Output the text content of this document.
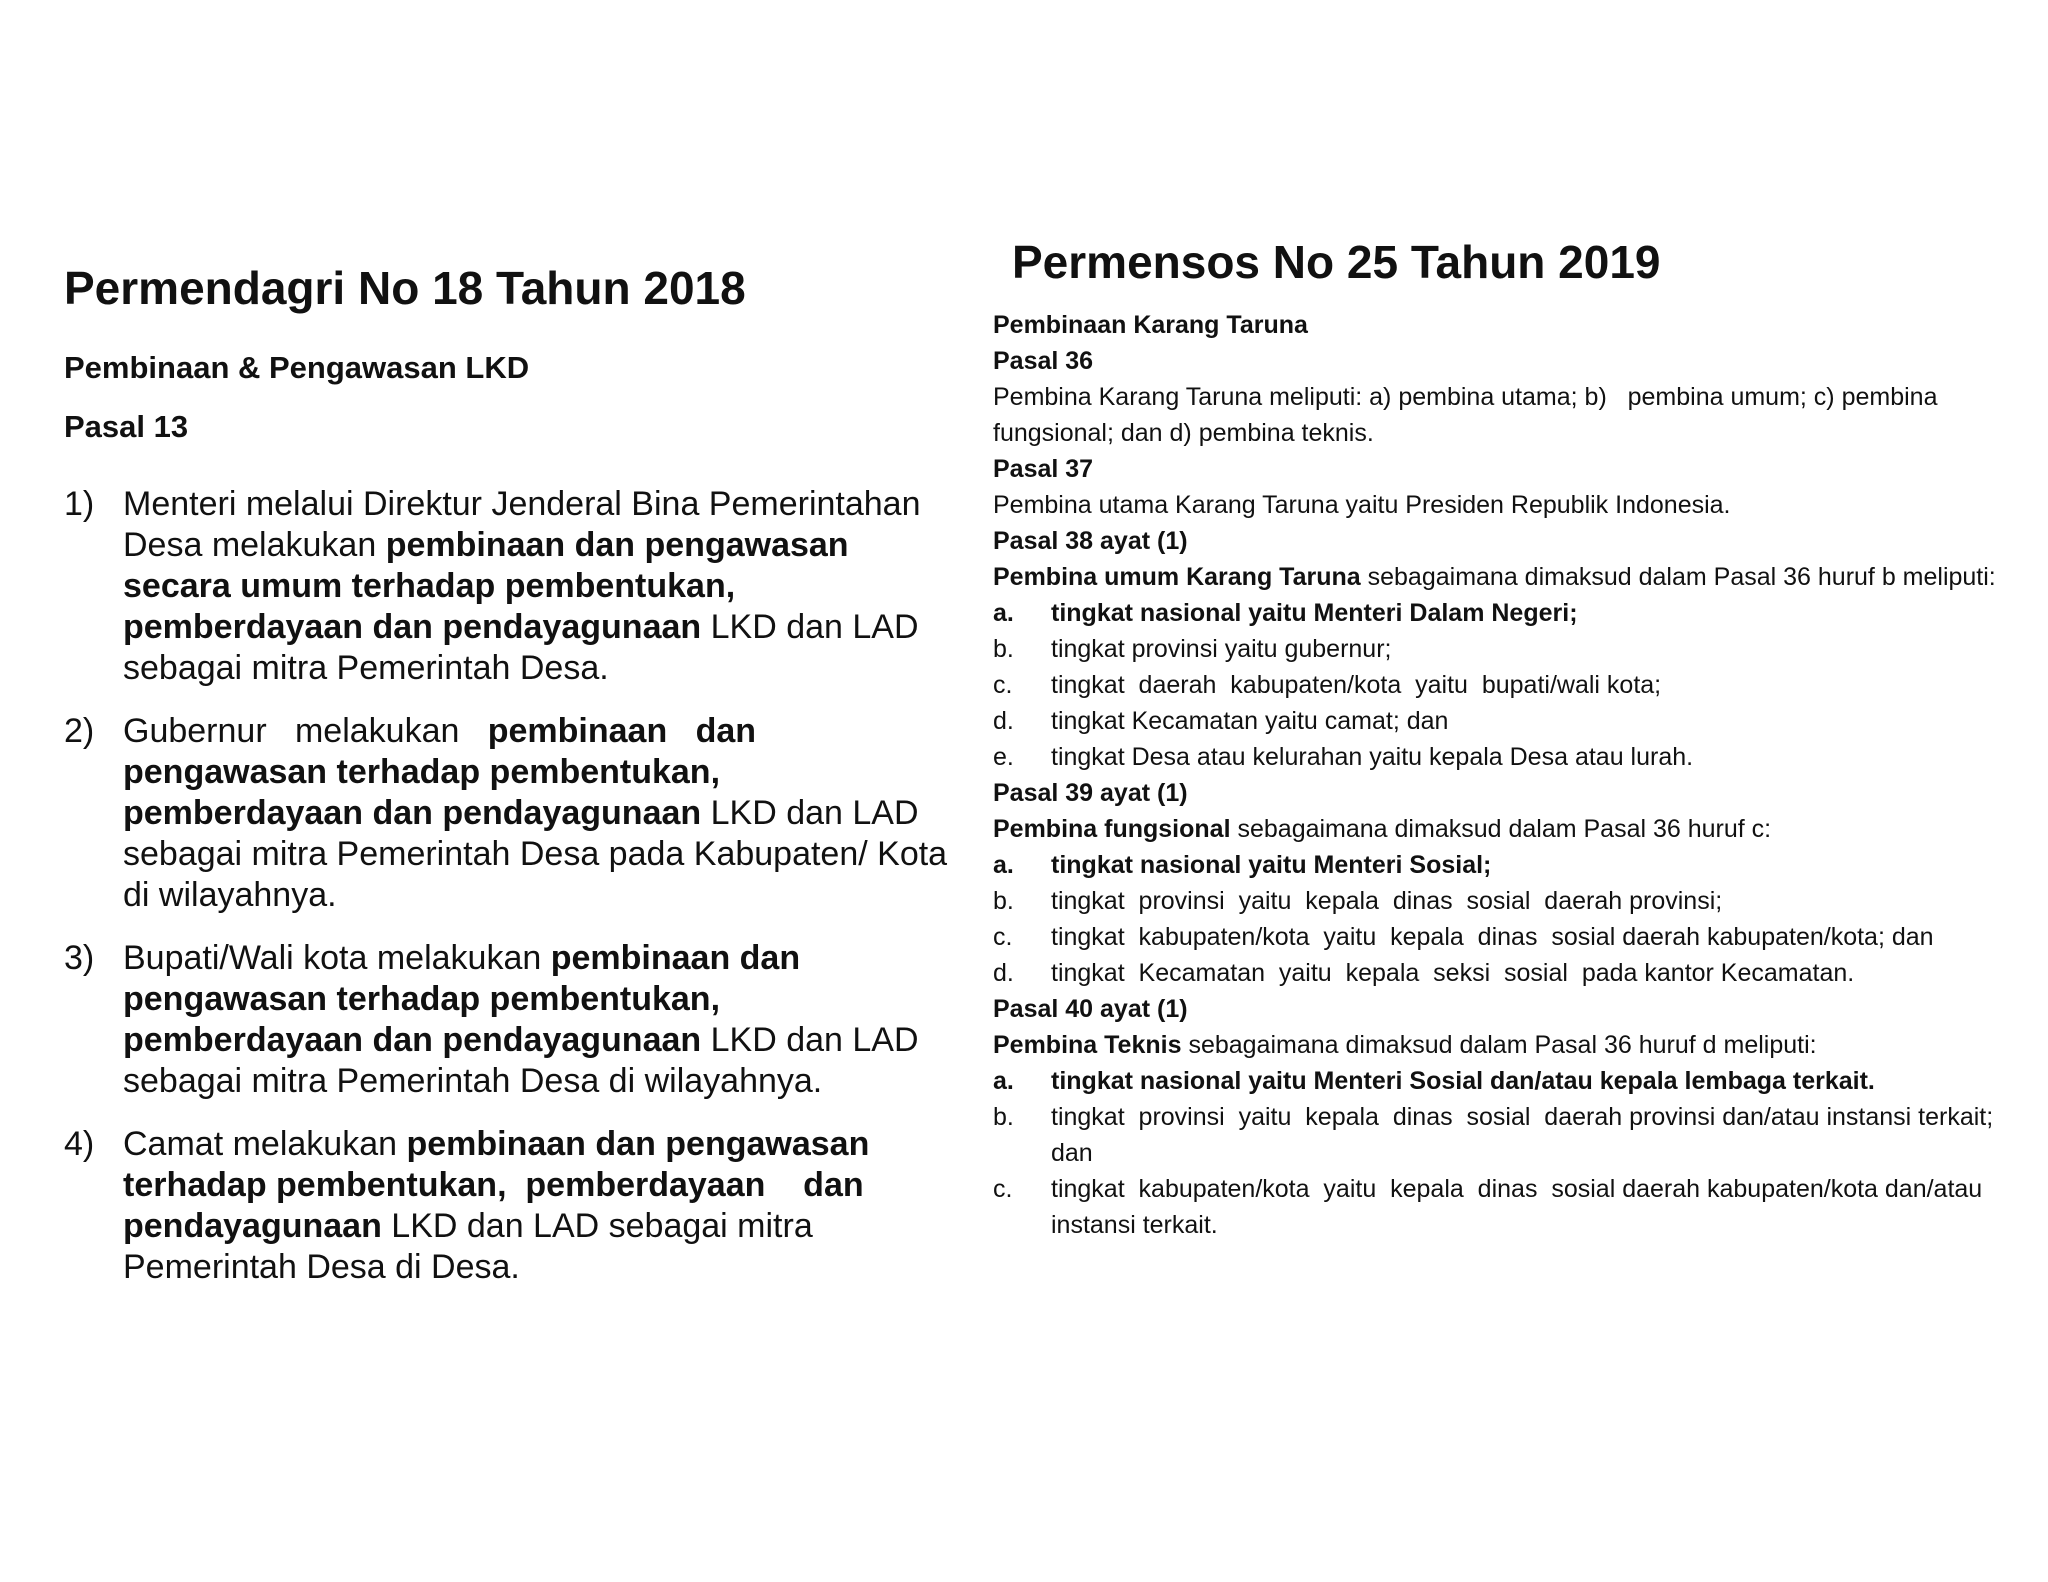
Permendagri No 18 Tahun 2018
Pembinaan & Pengawasan LKD
Pasal 13
1) Menteri melalui Direktur Jenderal Bina Pemerintahan Desa melakukan pembinaan dan pengawasan secara umum terhadap pembentukan, pemberdayaan dan pendayagunaan LKD dan LAD sebagai mitra Pemerintah Desa.
2) Gubernur   melakukan   pembinaan   dan pengawasan terhadap pembentukan, pemberdayaan dan pendayagunaan LKD dan LAD sebagai mitra Pemerintah Desa pada Kabupaten/ Kota di wilayahnya.
3) Bupati/Wali kota melakukan pembinaan dan pengawasan terhadap pembentukan, pemberdayaan dan pendayagunaan LKD dan LAD sebagai mitra Pemerintah Desa di wilayahnya.
4) Camat melakukan pembinaan dan pengawasan terhadap pembentukan,  pemberdayaan    dan pendayagunaan LKD dan LAD sebagai mitra Pemerintah Desa di Desa.
Permensos No 25 Tahun 2019
Pembinaan Karang Taruna
Pasal 36
Pembina Karang Taruna meliputi: a) pembina utama; b)   pembina umum; c) pembina fungsional; dan d) pembina teknis.
Pasal 37
Pembina utama Karang Taruna yaitu Presiden Republik Indonesia.
Pasal 38 ayat (1)
Pembina umum Karang Taruna sebagaimana dimaksud dalam Pasal 36 huruf b meliputi:
a. tingkat nasional yaitu Menteri Dalam Negeri;
b. tingkat provinsi yaitu gubernur;
c. tingkat  daerah  kabupaten/kota  yaitu  bupati/wali kota;
d. tingkat Kecamatan yaitu camat; dan
e. tingkat Desa atau kelurahan yaitu kepala Desa atau lurah.
Pasal 39 ayat (1)
Pembina fungsional sebagaimana dimaksud dalam Pasal 36 huruf c:
a. tingkat nasional yaitu Menteri Sosial;
b. tingkat  provinsi  yaitu  kepala  dinas  sosial  daerah provinsi;
c. tingkat  kabupaten/kota  yaitu  kepala  dinas  sosial daerah kabupaten/kota; dan
d. tingkat  Kecamatan  yaitu  kepala  seksi  sosial  pada kantor Kecamatan.
Pasal 40 ayat (1)
Pembina Teknis sebagaimana dimaksud dalam Pasal 36 huruf d meliputi:
a. tingkat nasional yaitu Menteri Sosial dan/atau kepala lembaga terkait.
b. tingkat  provinsi  yaitu  kepala  dinas  sosial  daerah provinsi dan/atau instansi terkait; dan
c. tingkat  kabupaten/kota  yaitu  kepala  dinas  sosial daerah kabupaten/kota dan/atau instansi terkait.
